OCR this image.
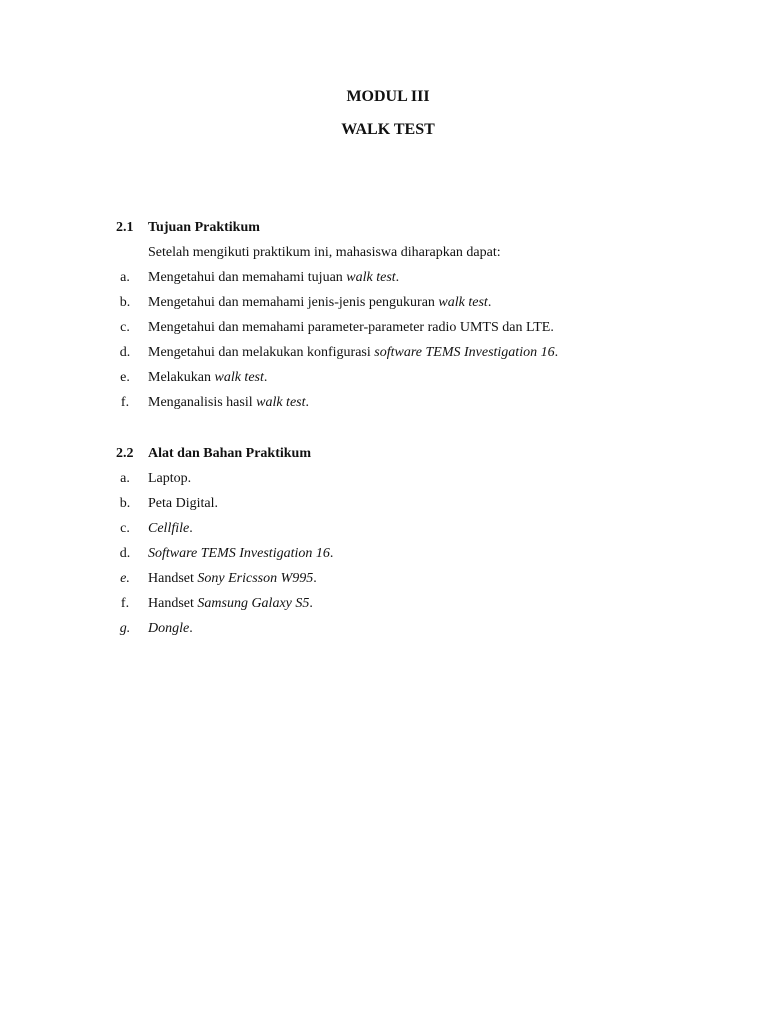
MODUL III
WALK TEST
2.1 Tujuan Praktikum
Setelah mengikuti praktikum ini, mahasiswa diharapkan dapat:
a.	Mengetahui dan memahami tujuan walk test.
b.	Mengetahui dan memahami jenis-jenis pengukuran walk test.
c.	Mengetahui dan memahami parameter-parameter radio UMTS dan LTE.
d.	Mengetahui dan melakukan konfigurasi software TEMS Investigation 16.
e.	Melakukan walk test.
f.	Menganalisis hasil walk test.
2.2 Alat dan Bahan Praktikum
a.	Laptop.
b.	Peta Digital.
c.	Cellfile.
d.	Software TEMS Investigation 16.
e.	Handset Sony Ericsson W995.
f.	Handset Samsung Galaxy S5.
g.	Dongle.
